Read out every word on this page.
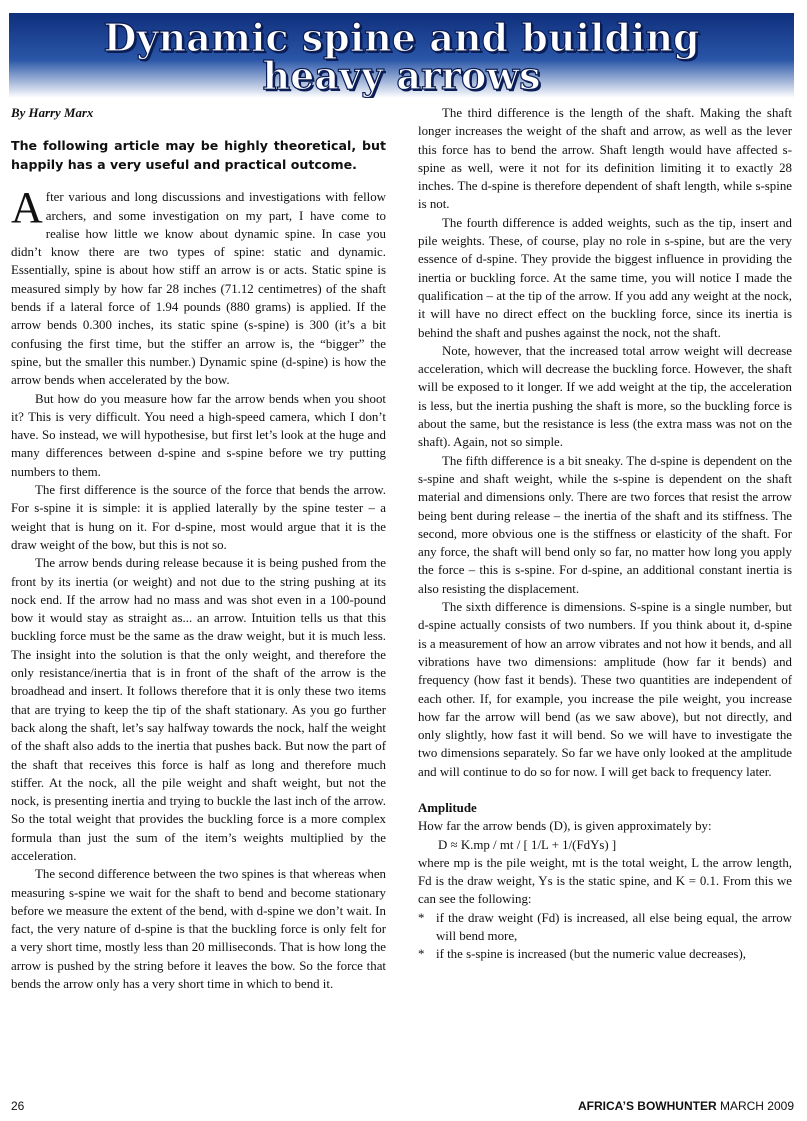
Dynamic spine and building
heavy arrows

By Harry Marx

The following article may be highly theoretical, but happily has a very useful and practical outcome.

After various and long discussions and investigations with fellow archers, and some investigation on my part, I have come to realise how little we know about dynamic spine. In case you didn’t know there are two types of spine: static and dynamic. Essentially, spine is about how stiff an arrow is or acts. Static spine is measured simply by how far 28 inches (71.12 centimetres) of the shaft bends if a lateral force of 1.94 pounds (880 grams) is applied. If the arrow bends 0.300 inches, its static spine (s-spine) is 300 (it’s a bit confusing the first time, but the stiffer an arrow is, the “bigger” the spine, but the smaller this number.) Dynamic spine (d-spine) is how the arrow bends when accelerated by the bow.

But how do you measure how far the arrow bends when you shoot it? This is very difficult. You need a high-speed camera, which I don’t have. So instead, we will hypothesise, but first let’s look at the huge and many differences between d-spine and s-spine before we try putting numbers to them.

The first difference is the source of the force that bends the arrow. For s-spine it is simple: it is applied laterally by the spine tester – a weight that is hung on it. For d-spine, most would argue that it is the draw weight of the bow, but this is not so.

The arrow bends during release because it is being pushed from the front by its inertia (or weight) and not due to the string pushing at its nock end. If the arrow had no mass and was shot even in a 100-pound bow it would stay as straight as... an arrow. Intuition tells us that this buckling force must be the same as the draw weight, but it is much less. The insight into the solution is that the only weight, and therefore the only resistance/inertia that is in front of the shaft of the arrow is the broadhead and insert. It follows therefore that it is only these two items that are trying to keep the tip of the shaft stationary. As you go further back along the shaft, let’s say halfway towards the nock, half the weight of the shaft also adds to the inertia that pushes back. But now the part of the shaft that receives this force is half as long and therefore much stiffer. At the nock, all the pile weight and shaft weight, but not the nock, is presenting inertia and trying to buckle the last inch of the arrow. So the total weight that provides the buckling force is a more complex formula than just the sum of the item’s weights multiplied by the acceleration.

The second difference between the two spines is that whereas when measuring s-spine we wait for the shaft to bend and become stationary before we measure the extent of the bend, with d-spine we don’t wait. In fact, the very nature of d-spine is that the buckling force is only felt for a very short time, mostly less than 20 milliseconds. That is how long the arrow is pushed by the string before it leaves the bow. So the force that bends the arrow only has a very short time in which to bend it.

The third difference is the length of the shaft. Making the shaft longer increases the weight of the shaft and arrow, as well as the lever this force has to bend the arrow. Shaft length would have affected s-spine as well, were it not for its definition limiting it to exactly 28 inches. The d-spine is therefore dependent of shaft length, while s-spine is not.

The fourth difference is added weights, such as the tip, insert and pile weights. These, of course, play no role in s-spine, but are the very essence of d-spine. They provide the biggest influence in providing the inertia or buckling force. At the same time, you will notice I made the qualification – at the tip of the arrow. If you add any weight at the nock, it will have no direct effect on the buckling force, since its inertia is behind the shaft and pushes against the nock, not the shaft.

Note, however, that the increased total arrow weight will decrease acceleration, which will decrease the buckling force. However, the shaft will be exposed to it longer. If we add weight at the tip, the acceleration is less, but the inertia pushing the shaft is more, so the buckling force is about the same, but the resistance is less (the extra mass was not on the shaft). Again, not so simple.

The fifth difference is a bit sneaky. The d-spine is dependent on the s-spine and shaft weight, while the s-spine is dependent on the shaft material and dimensions only. There are two forces that resist the arrow being bent during release – the inertia of the shaft and its stiffness. The second, more obvious one is the stiffness or elasticity of the shaft. For any force, the shaft will bend only so far, no matter how long you apply the force – this is s-spine. For d-spine, an additional constant inertia is also resisting the displacement.

The sixth difference is dimensions. S-spine is a single number, but d-spine actually consists of two numbers. If you think about it, d-spine is a measurement of how an arrow vibrates and not how it bends, and all vibrations have two dimensions: amplitude (how far it bends) and frequency (how fast it bends). These two quantities are independent of each other. If, for example, you increase the pile weight, you increase how far the arrow will bend (as we saw above), but not directly, and only slightly, how fast it will bend. So we will have to investigate the two dimensions separately. So far we have only looked at the amplitude and will continue to do so for now. I will get back to frequency later.

Amplitude

How far the arrow bends (D), is given approximately by:

D ≈ K.mp / mt / [ 1/L + 1/(FdYs) ]

where mp is the pile weight, mt is the total weight, L the arrow length, Fd is the draw weight, Ys is the static spine, and K = 0.1. From this we can see the following:

* if the draw weight (Fd) is increased, all else being equal, the arrow will bend more,

* if the s-spine is increased (but the numeric value decreases),

26	AFRICA’S BOWHUNTER MARCH 2009
